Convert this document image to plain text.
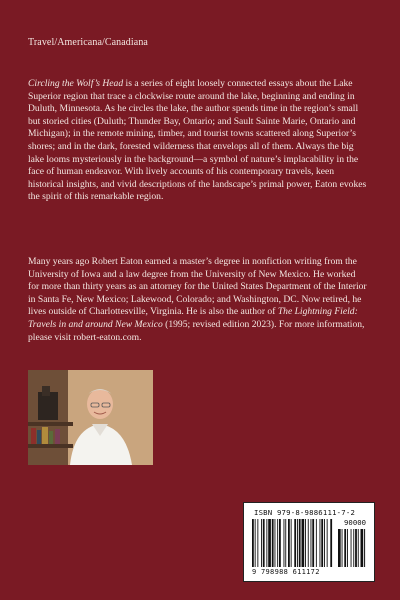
Travel/Americana/Canadiana

Circling the Wolf’s Head is a series of eight loosely connected essays about the Lake Superior region that trace a clockwise route around the lake, beginning and ending in Duluth, Minnesota. As he circles the lake, the author spends time in the region’s small but storied cities (Duluth; Thunder Bay, Ontario; and Sault Sainte Marie, Ontario and Michigan); in the remote mining, timber, and tourist towns scattered along Superior’s shores; and in the dark, forested wilderness that envelops all of them. Always the big lake looms mysteriously in the background—a symbol of nature’s implacability in the face of human endeavor. With lively accounts of his contemporary travels, keen historical insights, and vivid descriptions of the landscape’s primal power, Eaton evokes the spirit of this remarkable region.

Many years ago Robert Eaton earned a master’s degree in nonfiction writing from the University of Iowa and a law degree from the University of New Mexico. He worked for more than thirty years as an attorney for the United States Department of the Interior in Santa Fe, New Mexico; Lakewood, Colorado; and Washington, DC. Now retired, he lives outside of Charlottesville, Virginia. He is also the author of The Lightning Field: Travels in and around New Mexico (1995; revised edition 2023). For more information, please visit robert-eaton.com.

ISBN 979-8-9886111-7-2
90000
9 798988 611172
